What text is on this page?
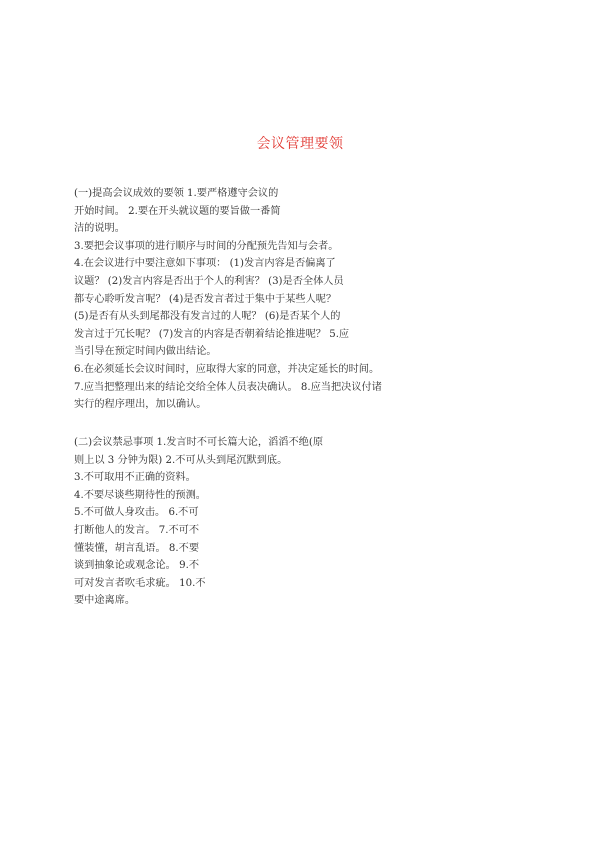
会议管理要领
(一)提高会议成效的要领 1.要严格遵守会议的
开始时间。 2.要在开头就议题的要旨做一番简
洁的说明。
3.要把会议事项的进行顺序与时间的分配预先告知与会者。
4.在会议进行中要注意如下事项： (1)发言内容是否偏离了
议题？ (2)发言内容是否出于个人的利害？ (3)是否全体人员
都专心聆听发言呢？ (4)是否发言者过于集中于某些人呢？
(5)是否有从头到尾都没有发言过的人呢？ (6)是否某个人的
发言过于冗长呢？ (7)发言的内容是否朝着结论推进呢？ 5.应
当引导在预定时间内做出结论。
6.在必须延长会议时间时，应取得大家的同意，并决定延长的时间。
7.应当把整理出来的结论交给全体人员表决确认。 8.应当把决议付诸
实行的程序理出，加以确认。
(二)会议禁忌事项 1.发言时不可长篇大论，滔滔不绝(原
则上以 3 分钟为限) 2.不可从头到尾沉默到底。
3.不可取用不正确的资料。
4.不要尽谈些期待性的预测。
5.不可做人身攻击。 6.不可
打断他人的发言。 7.不可不
懂装懂，胡言乱语。 8.不要
谈到抽象论或观念论。 9.不
可对发言者吹毛求疵。 10.不
要中途离席。
